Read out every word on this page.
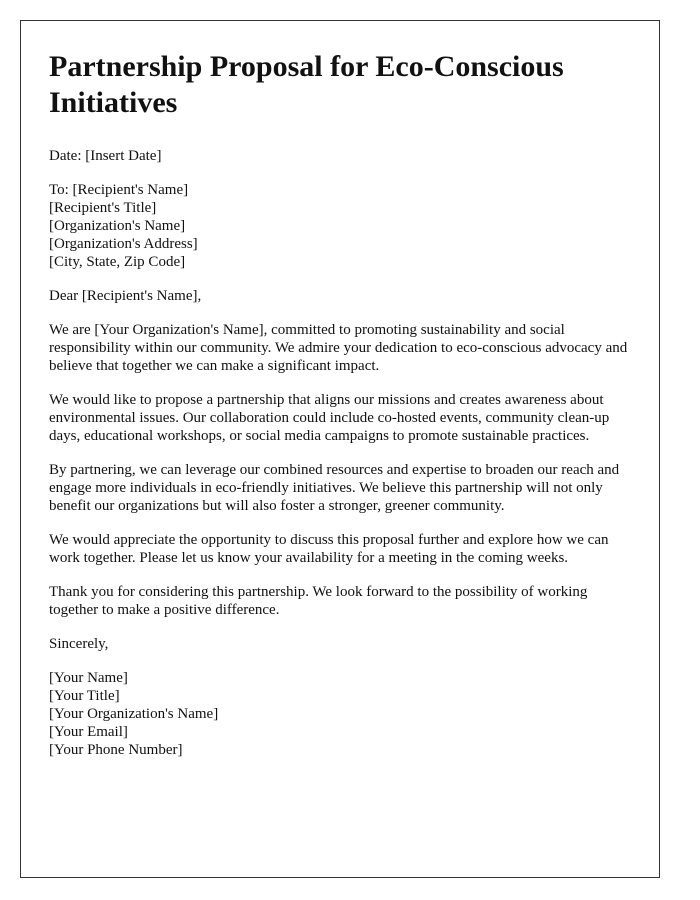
Partnership Proposal for Eco-Conscious Initiatives

Date: [Insert Date]

To: [Recipient's Name]
[Recipient's Title]
[Organization's Name]
[Organization's Address]
[City, State, Zip Code]

Dear [Recipient's Name],

We are [Your Organization's Name], committed to promoting sustainability and social responsibility within our community. We admire your dedication to eco-conscious advocacy and believe that together we can make a significant impact.

We would like to propose a partnership that aligns our missions and creates awareness about environmental issues. Our collaboration could include co-hosted events, community clean-up days, educational workshops, or social media campaigns to promote sustainable practices.

By partnering, we can leverage our combined resources and expertise to broaden our reach and engage more individuals in eco-friendly initiatives. We believe this partnership will not only benefit our organizations but will also foster a stronger, greener community.

We would appreciate the opportunity to discuss this proposal further and explore how we can work together. Please let us know your availability for a meeting in the coming weeks.

Thank you for considering this partnership. We look forward to the possibility of working together to make a positive difference.

Sincerely,

[Your Name]
[Your Title]
[Your Organization's Name]
[Your Email]
[Your Phone Number]
